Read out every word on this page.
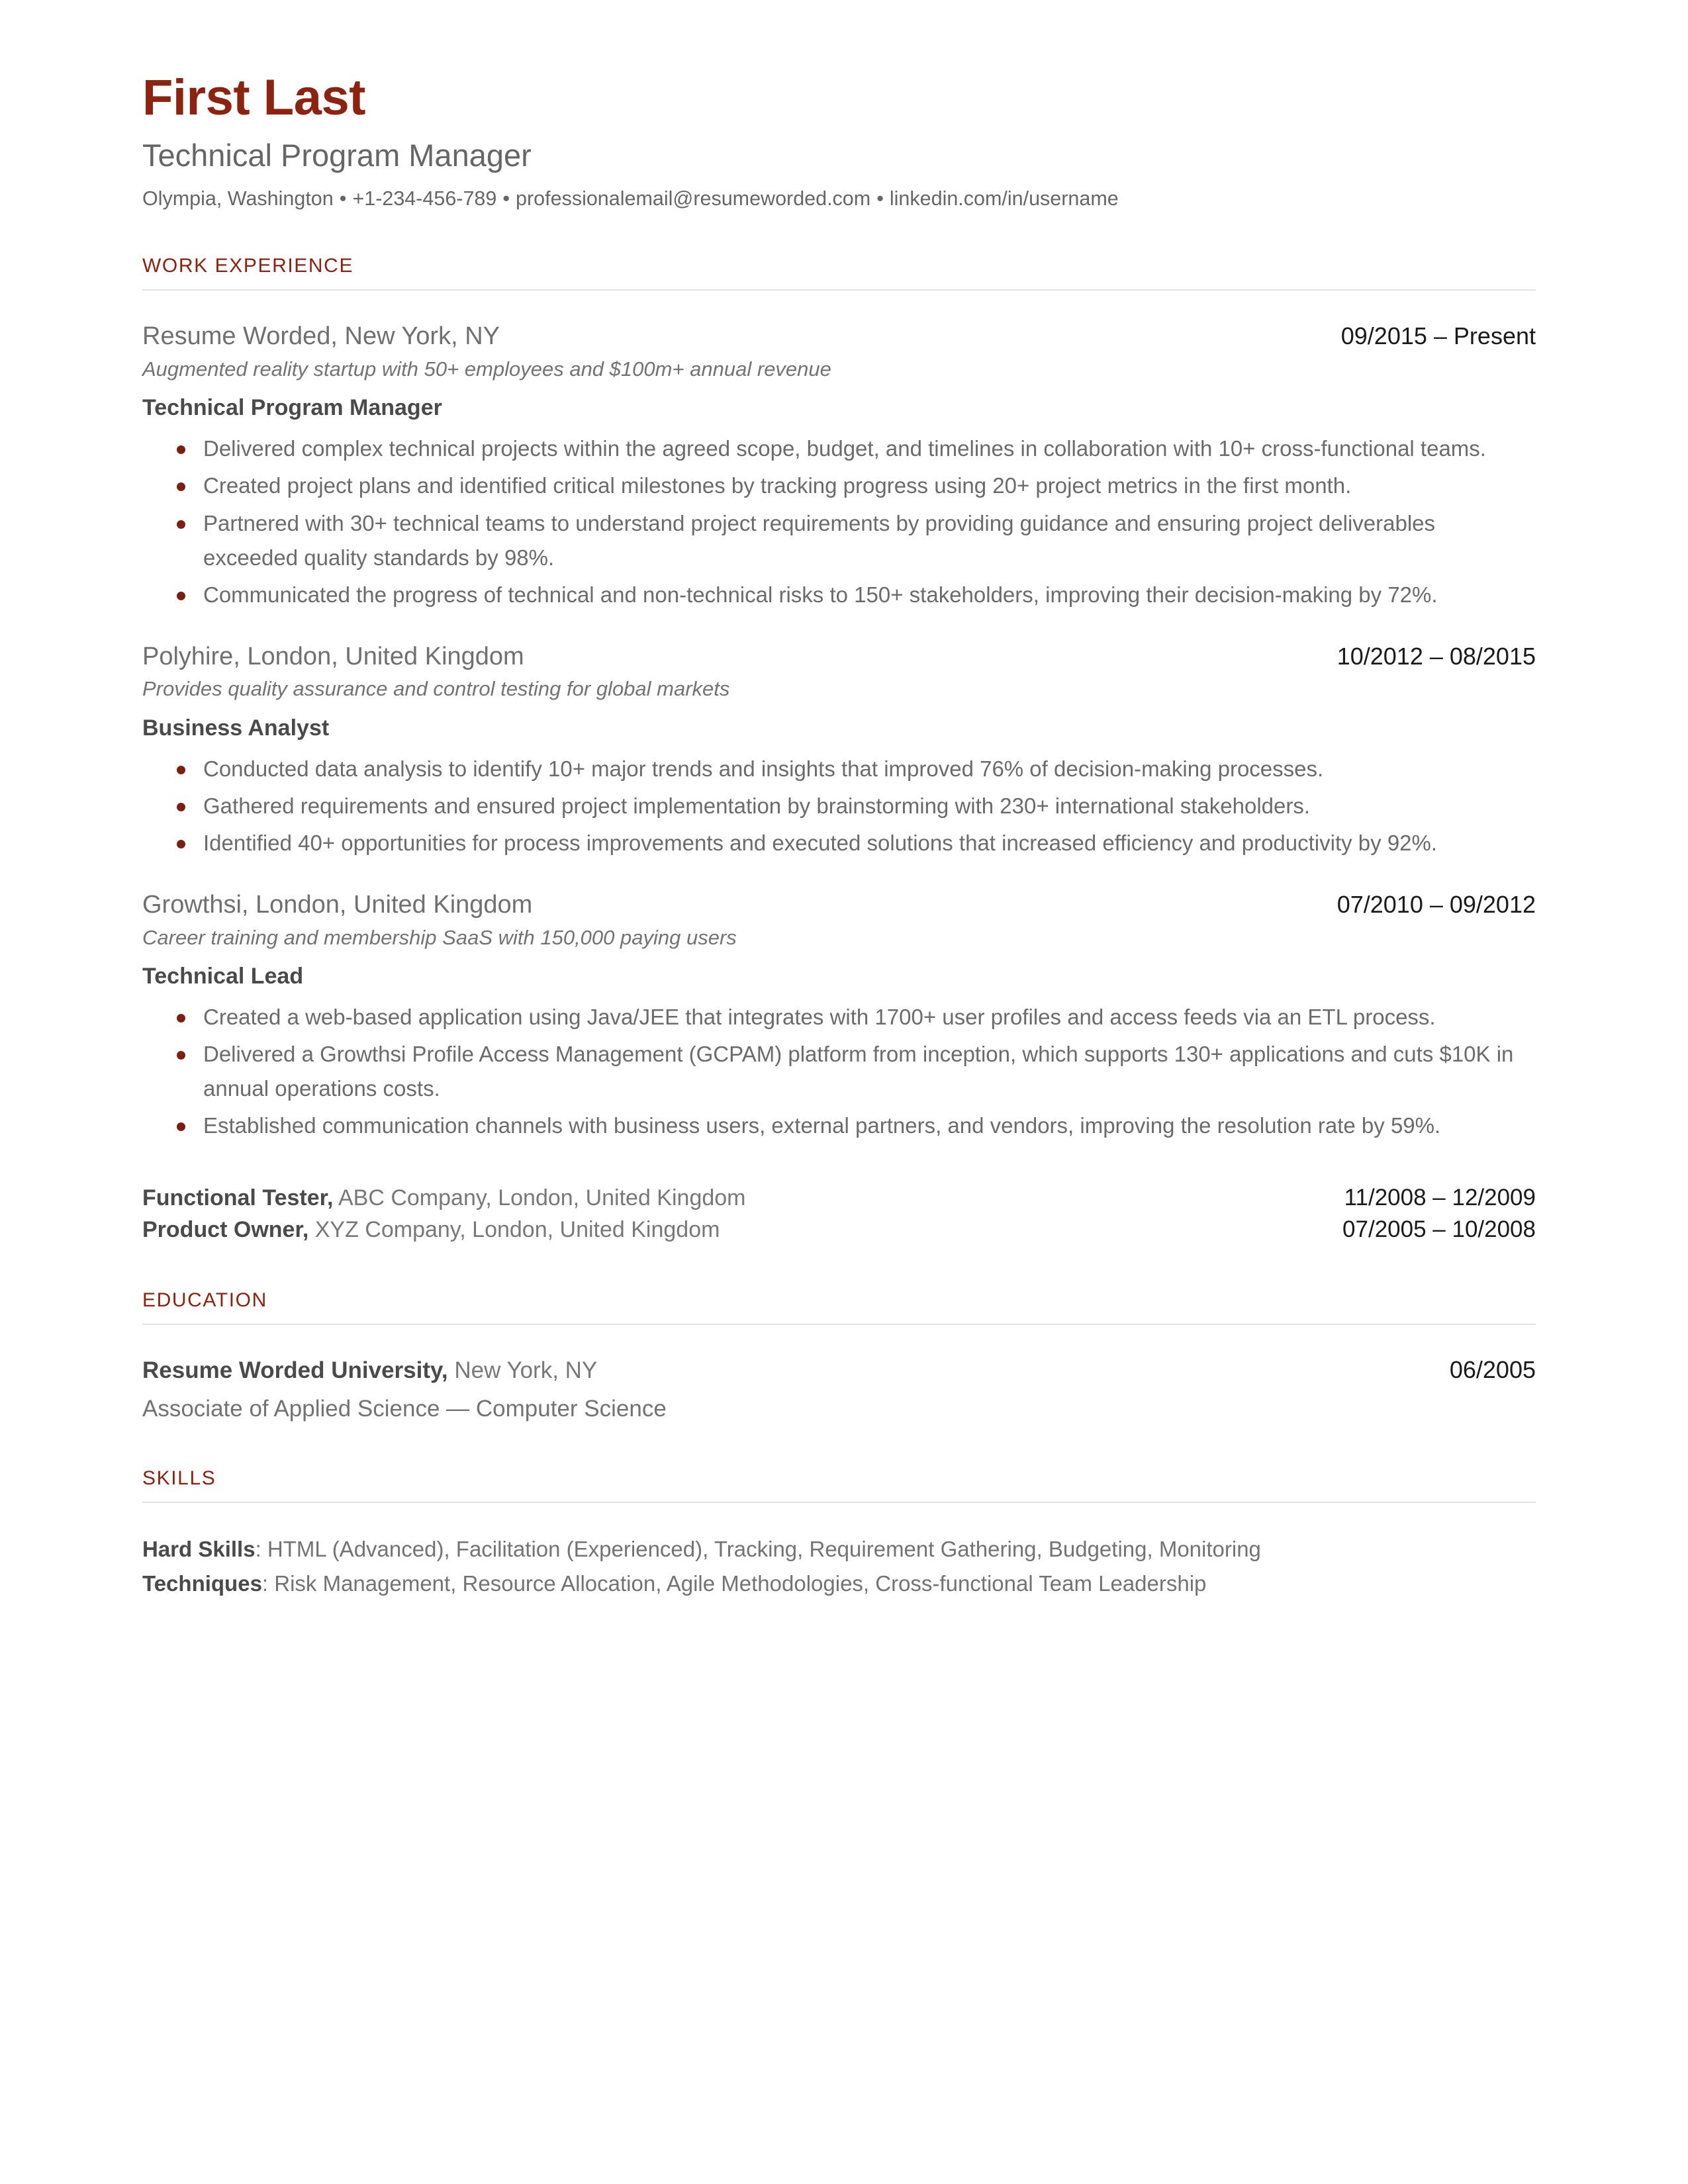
First Last
Technical Program Manager
Olympia, Washington • +1-234-456-789 • professionalemail@resumeworded.com • linkedin.com/in/username
WORK EXPERIENCE
Resume Worded, New York, NY	09/2015 – Present
Augmented reality startup with 50+ employees and $100m+ annual revenue
Technical Program Manager
Delivered complex technical projects within the agreed scope, budget, and timelines in collaboration with 10+ cross-functional teams.
Created project plans and identified critical milestones by tracking progress using 20+ project metrics in the first month.
Partnered with 30+ technical teams to understand project requirements by providing guidance and ensuring project deliverables exceeded quality standards by 98%.
Communicated the progress of technical and non-technical risks to 150+ stakeholders, improving their decision-making by 72%.
Polyhire, London, United Kingdom	10/2012 – 08/2015
Provides quality assurance and control testing for global markets
Business Analyst
Conducted data analysis to identify 10+ major trends and insights that improved 76% of decision-making processes.
Gathered requirements and ensured project implementation by brainstorming with 230+ international stakeholders.
Identified 40+ opportunities for process improvements and executed solutions that increased efficiency and productivity by 92%.
Growthsi, London, United Kingdom	07/2010 – 09/2012
Career training and membership SaaS with 150,000 paying users
Technical Lead
Created a web-based application using Java/JEE that integrates with 1700+ user profiles and access feeds via an ETL process.
Delivered a Growthsi Profile Access Management (GCPAM) platform from inception, which supports 130+ applications and cuts $10K in annual operations costs.
Established communication channels with business users, external partners, and vendors, improving the resolution rate by 59%.
Functional Tester, ABC Company, London, United Kingdom	11/2008 – 12/2009
Product Owner, XYZ Company, London, United Kingdom	07/2005 – 10/2008
EDUCATION
Resume Worded University, New York, NY	06/2005
Associate of Applied Science — Computer Science
SKILLS
Hard Skills: HTML (Advanced), Facilitation (Experienced), Tracking, Requirement Gathering, Budgeting, Monitoring
Techniques: Risk Management, Resource Allocation, Agile Methodologies, Cross-functional Team Leadership
